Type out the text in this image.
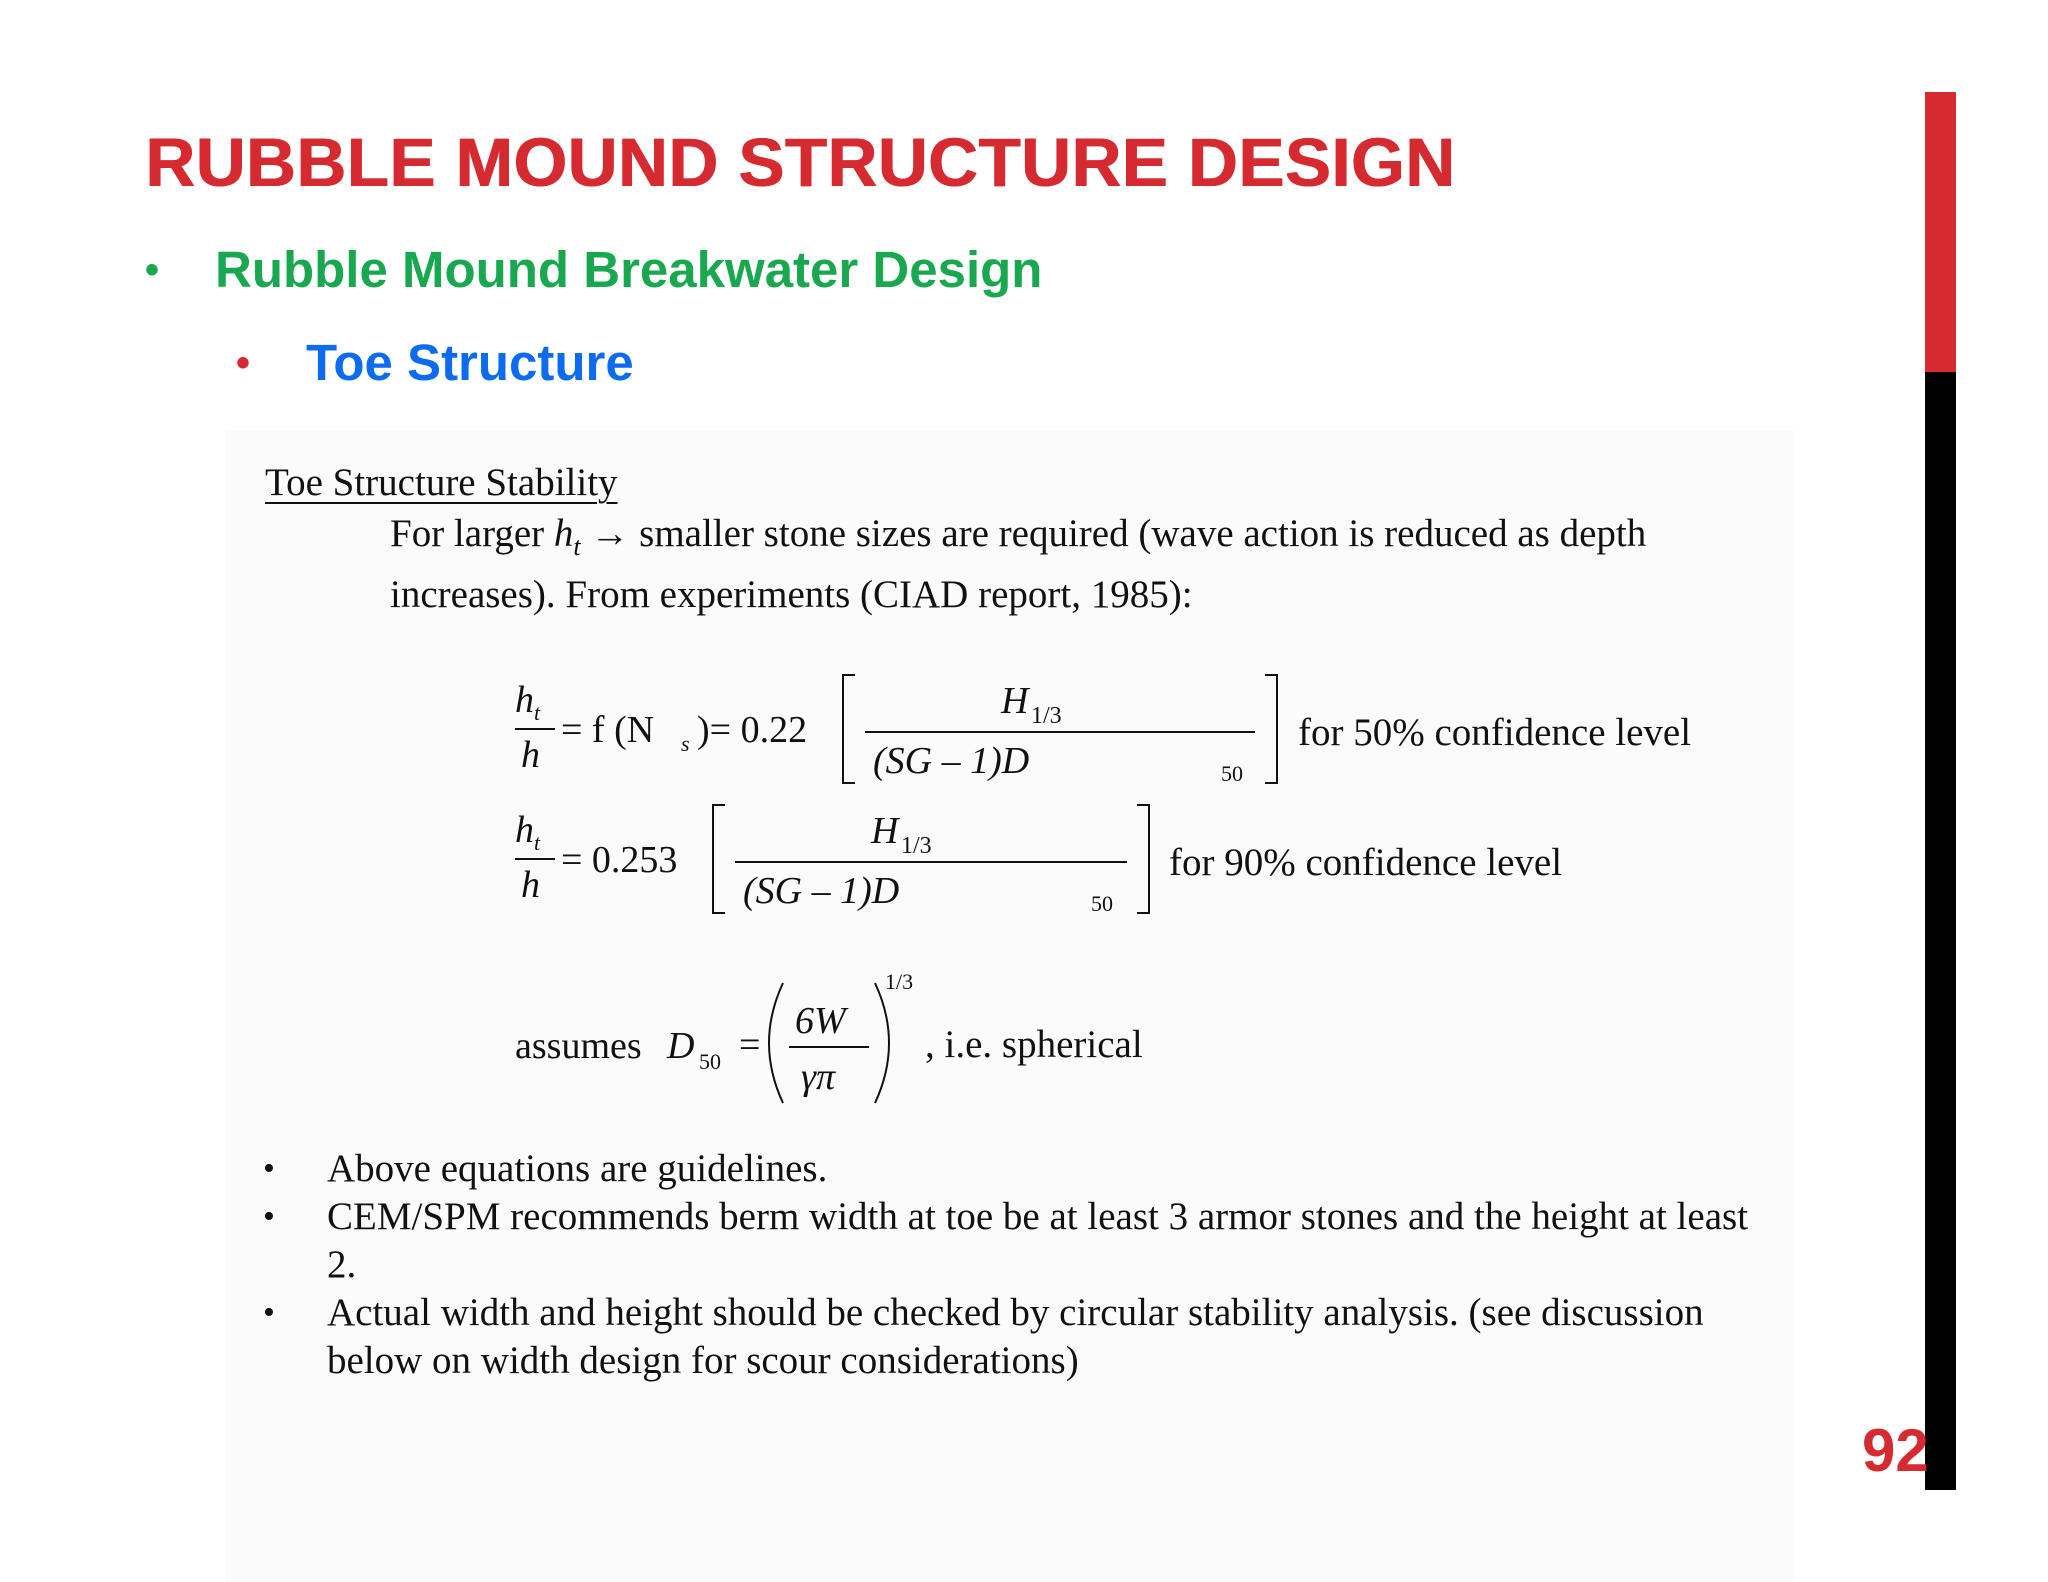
RUBBLE MOUND STRUCTURE DESIGN
•	Rubble Mound Breakwater Design
•	Toe Structure
Toe Structure Stability
For larger $h_t$ → smaller stone sizes are required (wave action is reduced as depth increases). From experiments (CIAD report, 1985):
h t
h
= f (N s )= 0.22
H 1/3
(SG – 1)D	50
for 50% confidence level
h t
h
= 0.253
H 1/3
(SG – 1)D	50
for 90% confidence level
assumes D 50 =
6W
γπ
1/3
, i.e. spherical
• Above equations are guidelines.
• CEM/SPM recommends berm width at toe be at least 3 armor stones and the height at least 2.
• Actual width and height should be checked by circular stability analysis. (see discussion below on width design for scour considerations)
92
